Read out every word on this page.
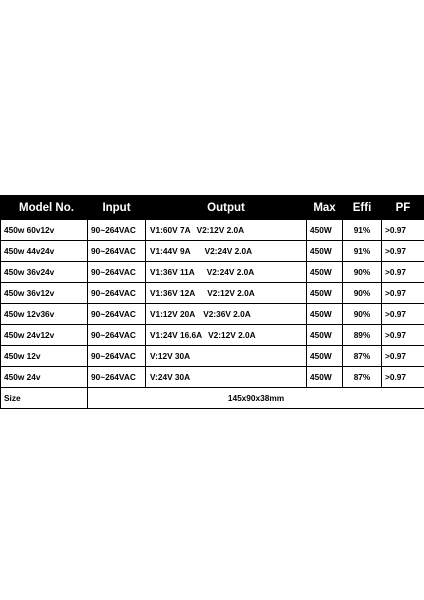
Model No.	Input	Output	Max	Effi	PF
450w 60v12v	90~264VAC	V1:60V 7A V2:12V 2.0A	450W	91%	>0.97
450w 44v24v	90~264VAC	V1:44V 9A V2:24V 2.0A	450W	91%	>0.97
450w 36v24v	90~264VAC	V1:36V 11A V2:24V 2.0A	450W	90%	>0.97
450w 36v12v	90~264VAC	V1:36V 12A V2:12V 2.0A	450W	90%	>0.97
450w 12v36v	90~264VAC	V1:12V 20A V2:36V 2.0A	450W	90%	>0.97
450w 24v12v	90~264VAC	V1:24V 16.6A V2:12V 2.0A	450W	89%	>0.97
450w 12v	90~264VAC	V:12V 30A	450W	87%	>0.97
450w 24v	90~264VAC	V:24V 30A	450W	87%	>0.97
Size	145x90x38mm				
